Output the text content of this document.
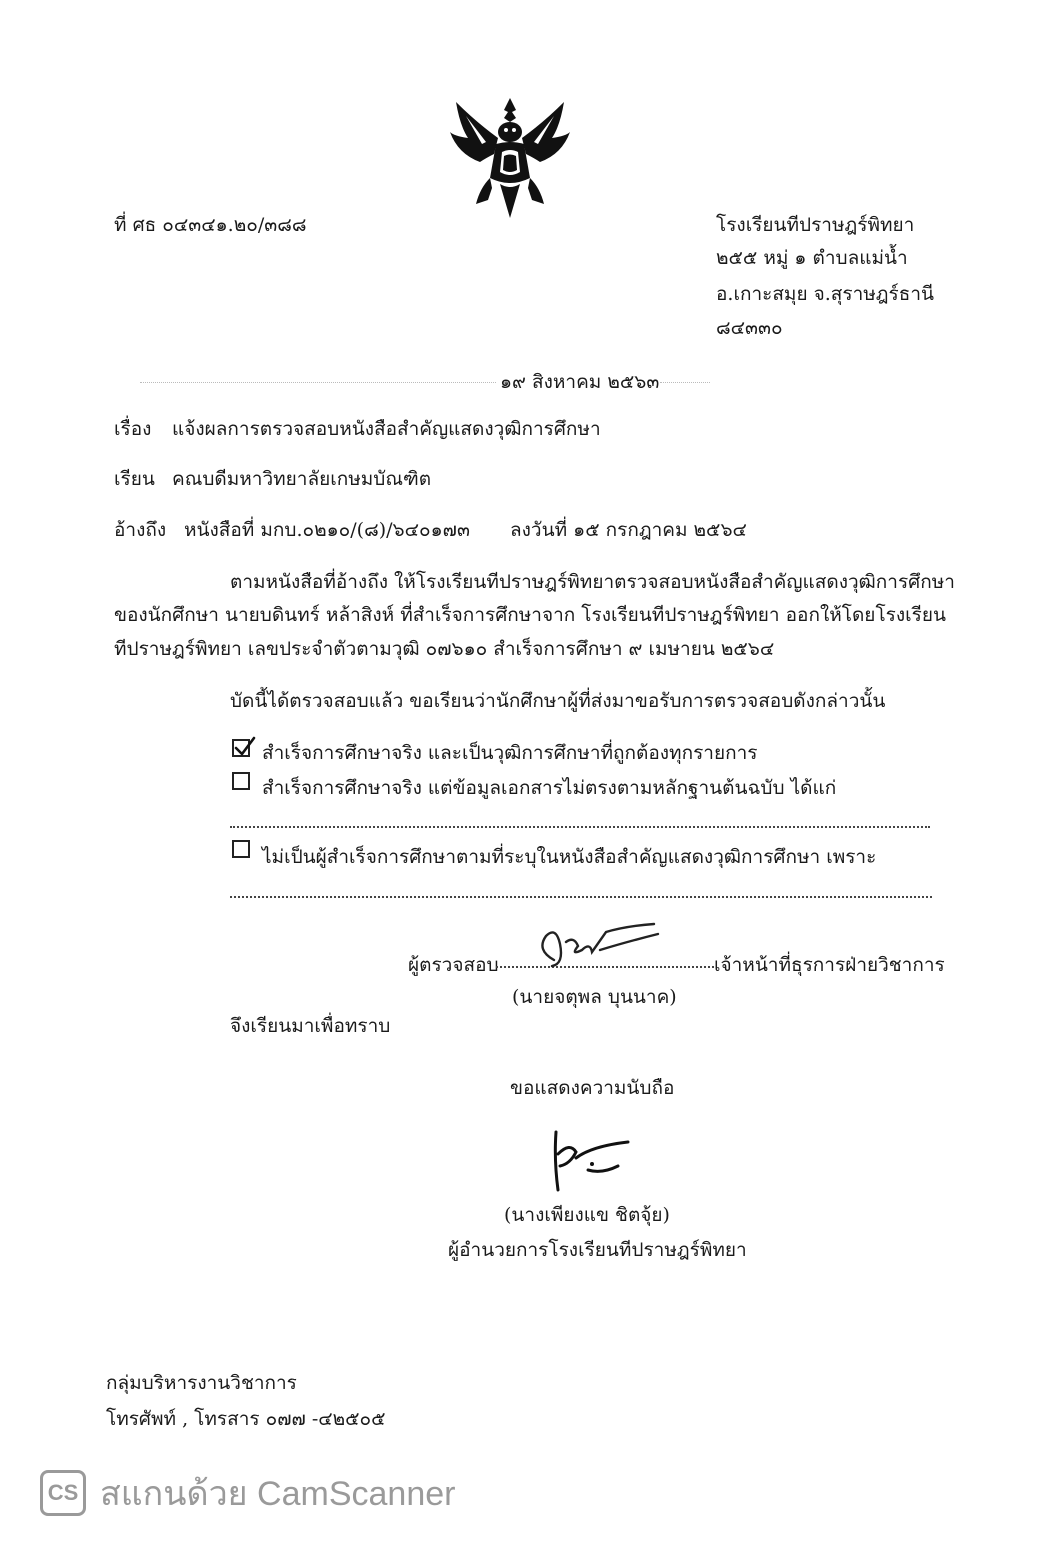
ที่ ศธ ๐๔๓๔๑.๒๐/๓๘๘	โรงเรียนทีปราษฎร์พิทยา
๒๕๕ หมู่ ๑ ตำบลแม่น้ำ
อ.เกาะสมุย จ.สุราษฎร์ธานี
๘๔๓๓๐
๑๙ สิงหาคม ๒๕๖๓
เรื่อง แจ้งผลการตรวจสอบหนังสือสำคัญแสดงวุฒิการศึกษา
เรียน คณบดีมหาวิทยาลัยเกษมบัณฑิต
อ้างถึง หนังสือที่ มกบ.๐๒๑๐/(๘)/๖๔๐๑๗๓ ลงวันที่ ๑๕ กรกฎาคม ๒๕๖๔
ตามหนังสือที่อ้างถึง ให้โรงเรียนทีปราษฎร์พิทยาตรวจสอบหนังสือสำคัญแสดงวุฒิการศึกษา
ของนักศึกษา นายบดินทร์ หล้าสิงห์ ที่สำเร็จการศึกษาจาก โรงเรียนทีปราษฎร์พิทยา ออกให้โดยโรงเรียน
ทีปราษฎร์พิทยา เลขประจำตัวตามวุฒิ ๐๗๖๑๐ สำเร็จการศึกษา ๙ เมษายน ๒๕๖๔
บัดนี้ได้ตรวจสอบแล้ว ขอเรียนว่านักศึกษาผู้ที่ส่งมาขอรับการตรวจสอบดังกล่าวนั้น
สำเร็จการศึกษาจริง และเป็นวุฒิการศึกษาที่ถูกต้องทุกรายการ
สำเร็จการศึกษาจริง แต่ข้อมูลเอกสารไม่ตรงตามหลักฐานต้นฉบับ ได้แก่
ไม่เป็นผู้สำเร็จการศึกษาตามที่ระบุในหนังสือสำคัญแสดงวุฒิการศึกษา เพราะ
ผู้ตรวจสอบ	เจ้าหน้าที่ธุรการฝ่ายวิชาการ
(นายจตุพล บุนนาค)
จึงเรียนมาเพื่อทราบ
ขอแสดงความนับถือ
(นางเพียงแข ชิตจุ้ย)
ผู้อำนวยการโรงเรียนทีปราษฎร์พิทยา
กลุ่มบริหารงานวิชาการ
โทรศัพท์ , โทรสาร ๐๗๗ -๔๒๕๐๕
CS สแกนด้วย CamScanner
